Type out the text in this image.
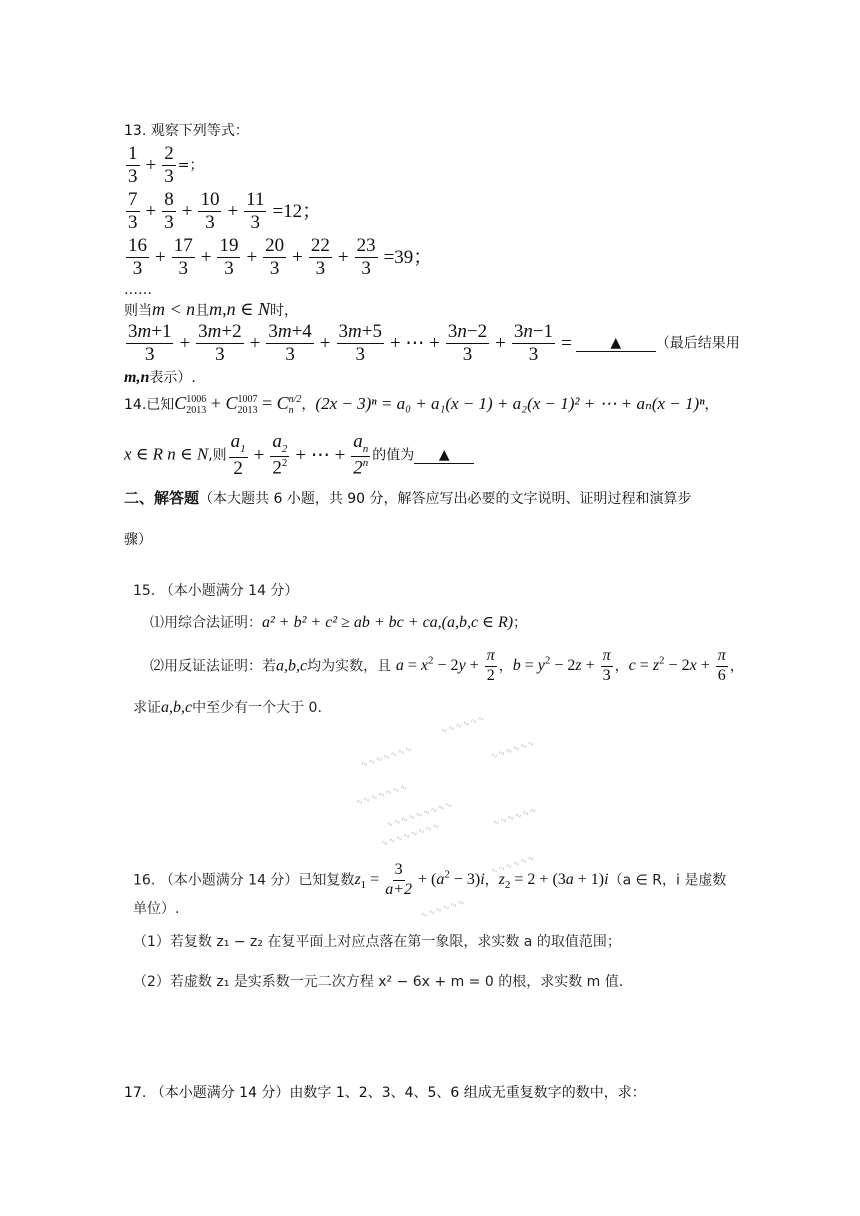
13. 观察下列等式：
$\frac{1}{3} + \frac{2}{3}$ =；
$\frac{7}{3} + \frac{8}{3} + \frac{10}{3} + \frac{11}{3} =12$；
$\frac{16}{3} + \frac{17}{3} + \frac{19}{3} + \frac{20}{3} + \frac{22}{3} + \frac{23}{3} =39$；
……
则当m < n且m,n ∈ N时，
$\frac{3m+1}{3} + \frac{3m+2}{3} + \frac{3m+4}{3} + \frac{3m+5}{3}$ + ⋯ + $\frac{3n-2}{3} + \frac{3n-1}{3}$ =	▲ （最后结果用
m,n表示）.
14.已知C 1006
2013 + C 1007
2013 = C n/2
n ，(2x − 3)ⁿ = a₀ + a₁(x − 1) + a₂(x − 1)² + ⋯ + aₙ(x − 1)ⁿ，
x ∈ R n ∈ N,则 $\frac{a_1}{2} + \frac{a_2}{2^2}$ + ⋯ + $\frac{a_n}{2^n}$ 的值为 ▲
二、解答题（本大题共 6 小题，共 90 分，解答应写出必要的文字说明、证明过程和演算步
骤）
15. （本小题满分 14 分）
⑴用综合法证明：a² + b² + c² ≥ ab + bc + ca,(a,b,c ∈ R)；
⑵用反证法证明：若a,b,c均为实数，且 $a = x^2 - 2y + \frac{\pi}{2}$ ，$b = y^2 - 2z + \frac{\pi}{3}$ ，$c = z^2 - 2x + \frac{\pi}{6}$ ，
求证a,b,c中至少有一个大于 0.
∿∿∿∿∿∿
∿∿∿∿∿∿∿	∿∿∿∿∿∿
∿∿∿∿∿∿∿
∿∿∿∿∿∿∿∿∿
∿∿∿∿∿∿∿∿
∿∿∿∿∿∿
∿∿∿∿∿∿
∿∿∿∿∿∿
16. （本小题满分 14 分）已知复数$z_1 = \frac{3}{a+2} + (a^2 - 3)i$，$z_2 = 2 + (3a + 1)i(a$ ∈ R，i 是虚数
单位）.
（1）若复数 z₁ − z₂ 在复平面上对应点落在第一象限，求实数 a 的取值范围；
（2）若虚数 z₁ 是实系数一元二次方程 x² − 6x + m = 0 的根，求实数 m 值.
17. （本小题满分 14 分）由数字 1、2、3、4、5、6 组成无重复数字的数中，求：
